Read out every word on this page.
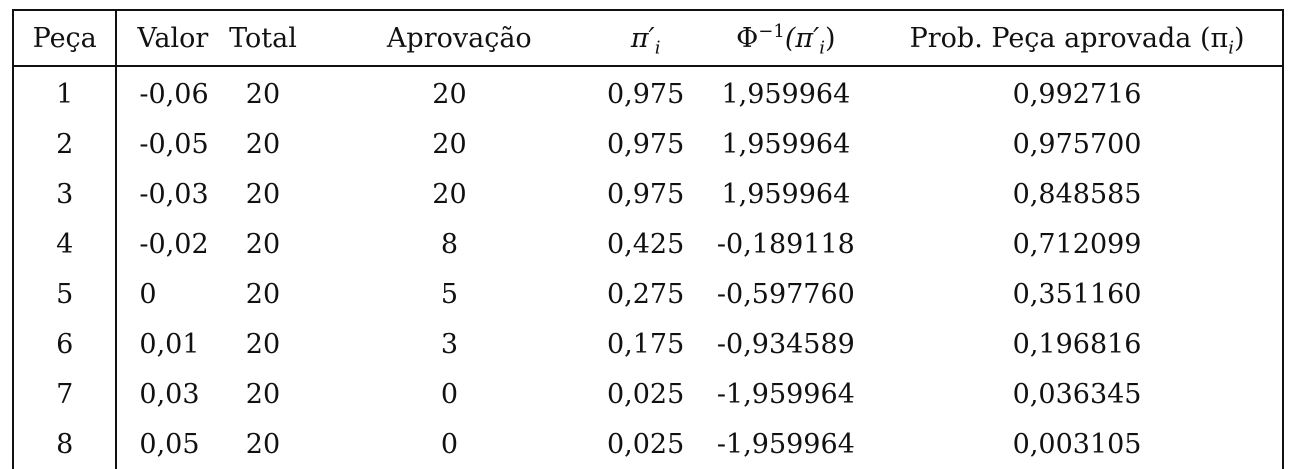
Peça	Valor	Total	Aprovação	$\pi'_i$	$\Phi^{-1}(\pi'_i)$	Prob. Peça aprovada $(\pi_i)$
1	-0,06	20	20	0,975	1,959964	0,992716
2	-0,05	20	20	0,975	1,959964	0,975700
3	-0,03	20	20	0,975	1,959964	0,848585
4	-0,02	20	8	0,425	-0,189118	0,712099
5	0	20	5	0,275	-0,597760	0,351160
6	0,01	20	3	0,175	-0,934589	0,196816
7	0,03	20	0	0,025	-1,959964	0,036345
8	0,05	20	0	0,025	-1,959964	0,003105
